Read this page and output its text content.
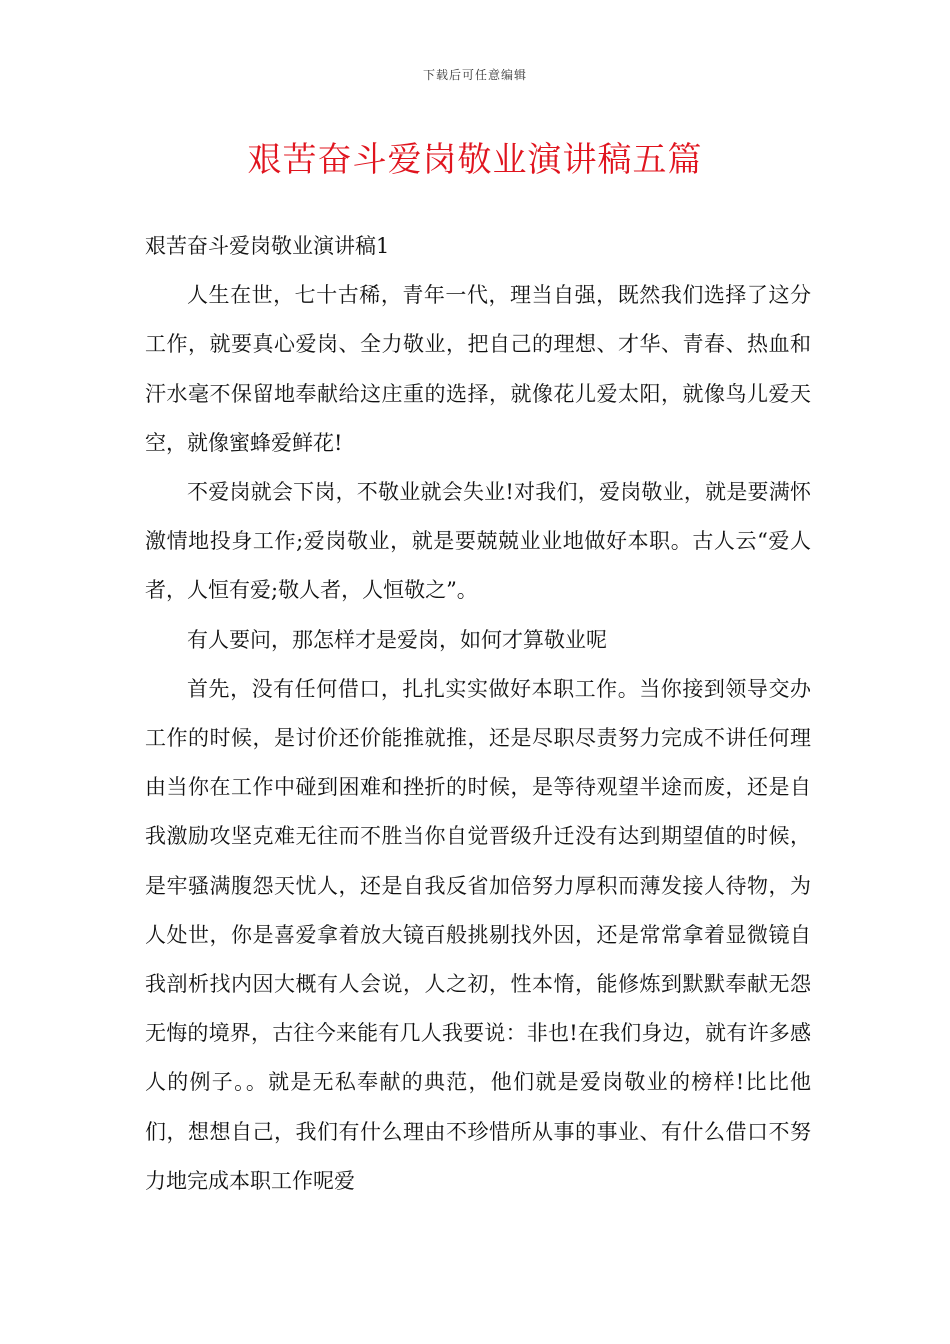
下载后可任意编辑
艰苦奋斗爱岗敬业演讲稿五篇
艰苦奋斗爱岗敬业演讲稿1

人生在世，七十古稀，青年一代，理当自强，既然我们选择了这分工作，就要真心爱岗、全力敬业，把自己的理想、才华、青春、热血和汗水毫不保留地奉献给这庄重的选择，就像花儿爱太阳，就像鸟儿爱天空，就像蜜蜂爱鲜花!

不爱岗就会下岗，不敬业就会失业!对我们，爱岗敬业，就是要满怀激情地投身工作;爱岗敬业，就是要兢兢业业地做好本职。古人云“爱人者，人恒有爱;敬人者，人恒敬之”。

有人要问，那怎样才是爱岗，如何才算敬业呢

首先，没有任何借口，扎扎实实做好本职工作。当你接到领导交办工作的时候，是讨价还价能推就推，还是尽职尽责努力完成不讲任何理由当你在工作中碰到困难和挫折的时候，是等待观望半途而废，还是自我激励攻坚克难无往而不胜当你自觉晋级升迁没有达到期望值的时候，是牢骚满腹怨天忧人，还是自我反省加倍努力厚积而薄发接人待物，为人处世，你是喜爱拿着放大镜百般挑剔找外因，还是常常拿着显微镜自我剖析找内因大概有人会说，人之初，性本惰，能修炼到默默奉献无怨无悔的境界，古往今来能有几人我要说：非也!在我们身边，就有许多感人的例子。。就是无私奉献的典范，他们就是爱岗敬业的榜样!比比他们，想想自己，我们有什么理由不珍惜所从事的事业、有什么借口不努力地完成本职工作呢爱
